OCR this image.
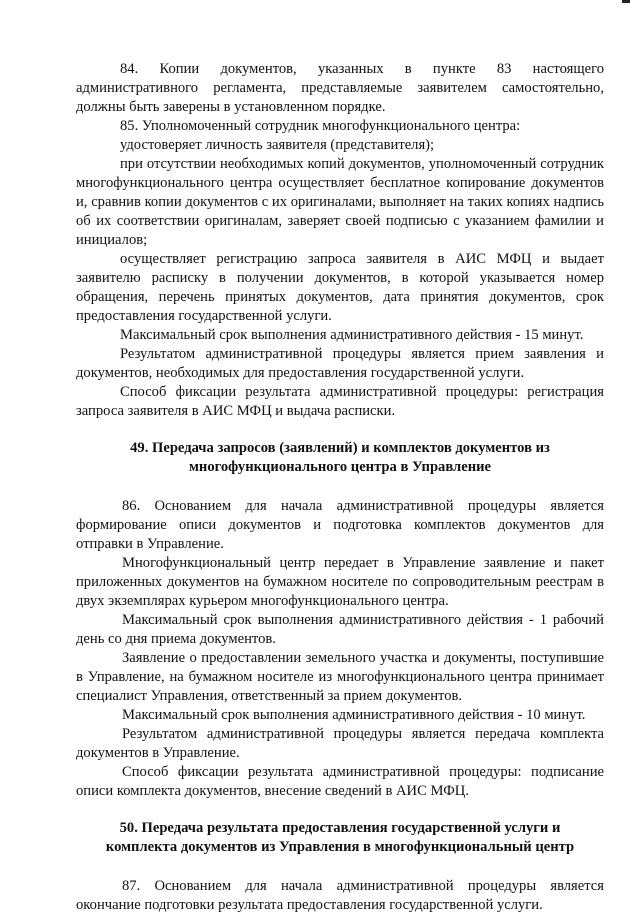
84. Копии документов, указанных в пункте 83 настоящего административного регламента, представляемые заявителем самостоятельно, должны быть заверены в установленном порядке.

85. Уполномоченный сотрудник многофункционального центра:

удостоверяет личность заявителя (представителя);

при отсутствии необходимых копий документов, уполномоченный сотрудник многофункционального центра осуществляет бесплатное копирование документов и, сравнив копии документов с их оригиналами, выполняет на таких копиях надпись об их соответствии оригиналам, заверяет своей подписью с указанием фамилии и инициалов;

осуществляет регистрацию запроса заявителя в АИС МФЦ и выдает заявителю расписку в получении документов, в которой указывается номер обращения, перечень принятых документов, дата принятия документов, срок предоставления государственной услуги.

Максимальный срок выполнения административного действия - 15 минут.

Результатом административной процедуры является прием заявления и документов, необходимых для предоставления государственной услуги.

Способ фиксации результата административной процедуры: регистрация запроса заявителя в АИС МФЦ и выдача расписки.

49. Передача запросов (заявлений) и комплектов документов из многофункционального центра в Управление

86. Основанием для начала административной процедуры является формирование описи документов и подготовка комплектов документов для отправки в Управление.

Многофункциональный центр передает в Управление заявление и пакет приложенных документов на бумажном носителе по сопроводительным реестрам в двух экземплярах курьером многофункционального центра.

Максимальный срок выполнения административного действия - 1 рабочий день со дня приема документов.

Заявление о предоставлении земельного участка и документы, поступившие в Управление, на бумажном носителе из многофункционального центра принимает специалист Управления, ответственный за прием документов.

Максимальный срок выполнения административного действия - 10 минут.

Результатом административной процедуры является передача комплекта документов в Управление.

Способ фиксации результата административной процедуры: подписание описи комплекта документов, внесение сведений в АИС МФЦ.

50. Передача результата предоставления государственной услуги и комплекта документов из Управления в многофункциональный центр

87. Основанием для начала административной процедуры является окончание подготовки результата предоставления государственной услуги.
